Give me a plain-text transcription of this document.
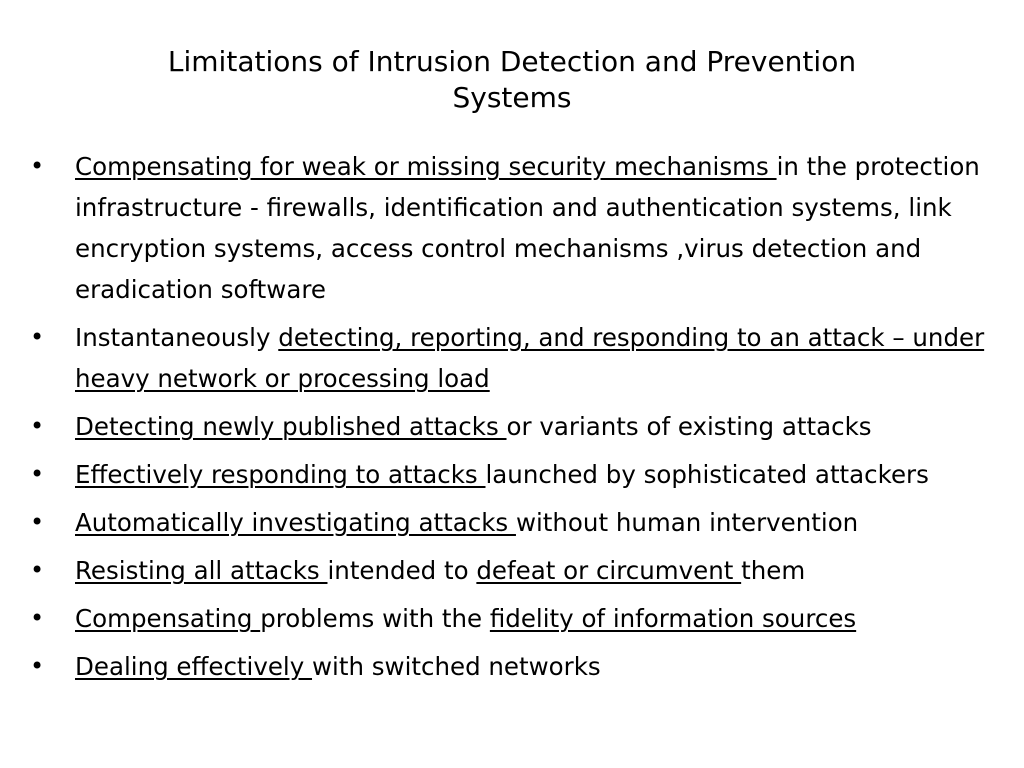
Limitations of Intrusion Detection and Prevention
Systems
• Compensating for weak or missing security mechanisms in the protection infrastructure - firewalls, identification and authentication systems, link encryption systems, access control mechanisms ,virus detection and eradication software
• Instantaneously detecting, reporting, and responding to an attack – under heavy network or processing load
• Detecting newly published attacks or variants of existing attacks
• Effectively responding to attacks launched by sophisticated attackers
• Automatically investigating attacks without human intervention
• Resisting all attacks intended to defeat or circumvent them
• Compensating problems with the fidelity of information sources
• Dealing effectively with switched networks
